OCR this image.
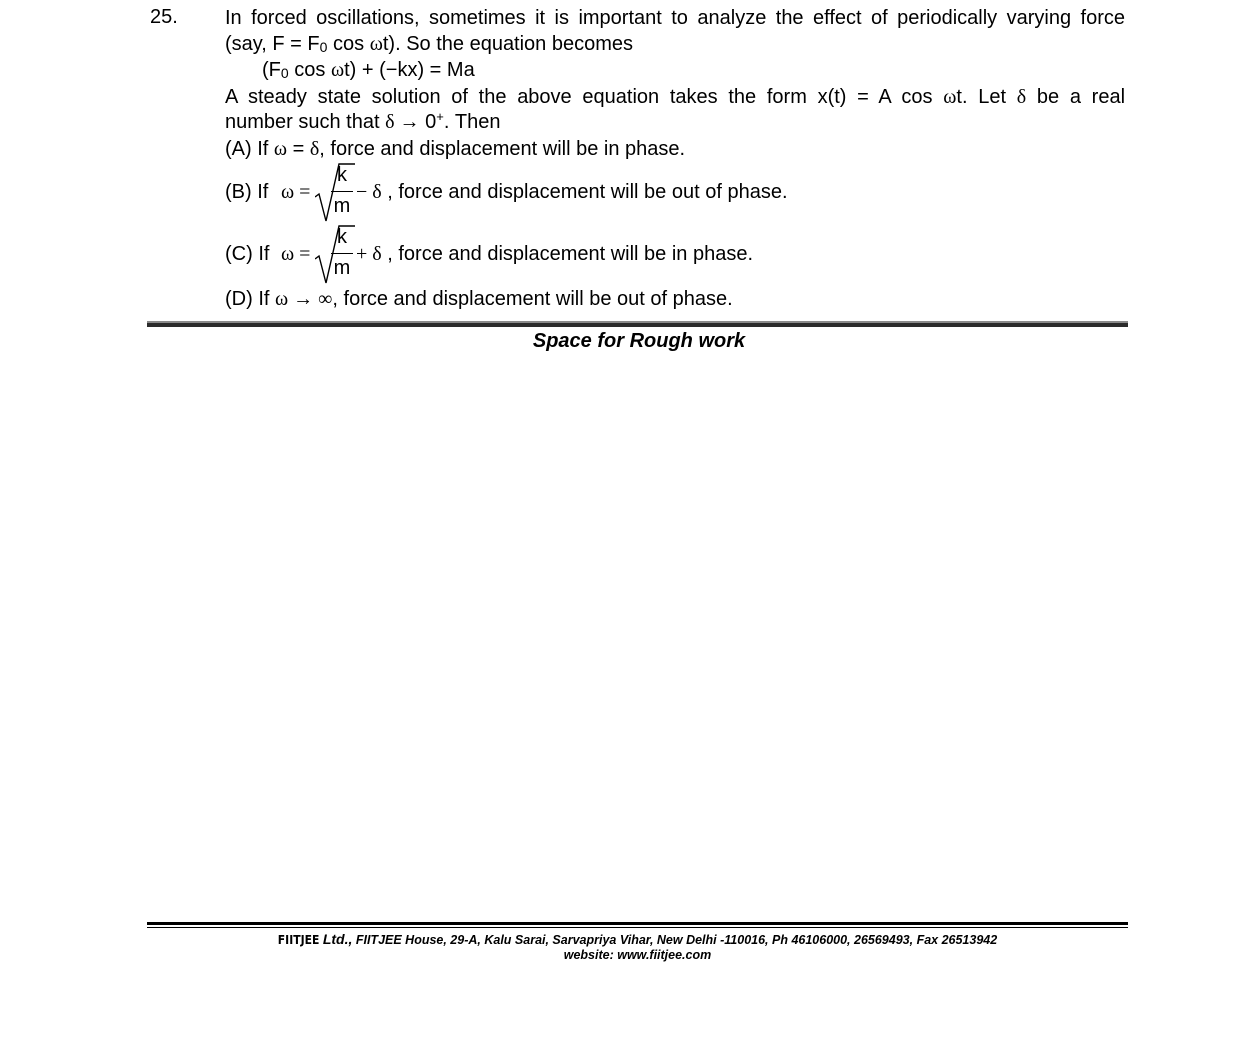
25. In forced oscillations, sometimes it is important to analyze the effect of periodically varying force
(say, F = F0 cos ωt). So the equation becomes
(F0 cos ωt) + (−kx) = Ma
A steady state solution of the above equation takes the form x(t) = A cos ωt. Let δ be a real
number such that δ → 0+. Then
(A) If ω = δ, force and displacement will be in phase.
(B) If ω =
k
m
− δ , force and displacement will be out of phase.
(C) If ω =
k
m
+ δ , force and displacement will be in phase.
(D) If ω → ∞, force and displacement will be out of phase.
Space for Rough work
FIITJEE Ltd., FIITJEE House, 29-A, Kalu Sarai, Sarvapriya Vihar, New Delhi -110016, Ph 46106000, 26569493, Fax 26513942
website: www.fiitjee.com
